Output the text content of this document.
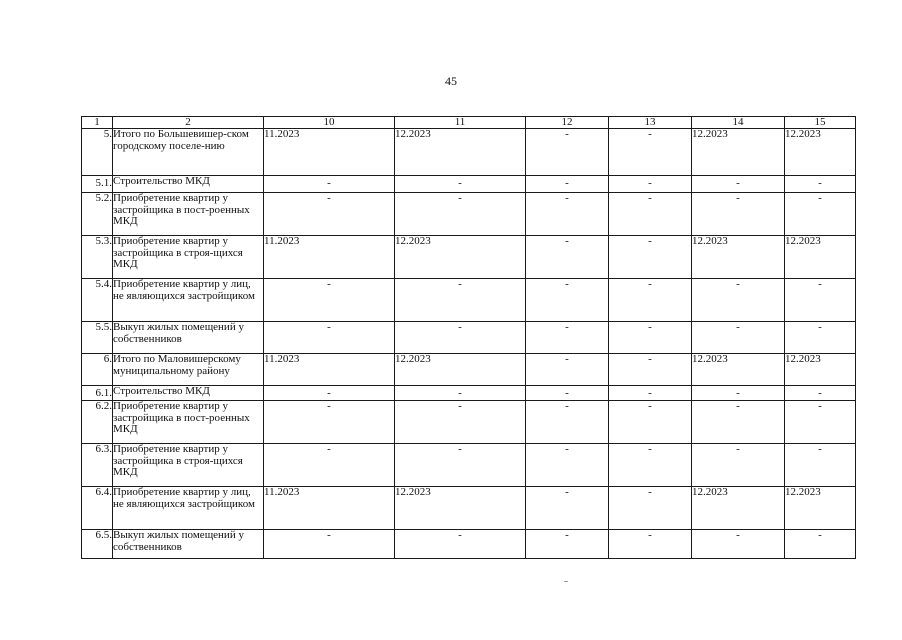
45
1	2	10	11	12	13	14	15
5.	Итого по Большевишер-ском городскому поселе-нию	11.2023	12.2023	-	-	12.2023	12.2023
5.1.	Строительство МКД	-	-	-	-	-	-
5.2.	Приобретение квартир у застройщика в пост-роенных МКД	-	-	-	-	-	-
5.3.	Приобретение квартир у застройщика в строя-щихся МКД	11.2023	12.2023	-	-	12.2023	12.2023
5.4.	Приобретение квартир у лиц, не являющихся застройщиком	-	-	-	-	-	-
5.5.	Выкуп жилых помещений у собственников	-	-	-	-	-	-
6.	Итого по Маловишерскому муниципальному району	11.2023	12.2023	-	-	12.2023	12.2023
6.1.	Строительство МКД	-	-	-	-	-	-
6.2.	Приобретение квартир у застройщика в пост-роенных МКД	-	-	-	-	-	-
6.3.	Приобретение квартир у застройщика в строя-щихся МКД	-	-	-	-	-	-
6.4.	Приобретение квартир у лиц, не являющихся застройщиком	11.2023	12.2023	-	-	12.2023	12.2023
6.5.	Выкуп жилых помещений у собственников	-	-	-	-	-	-
